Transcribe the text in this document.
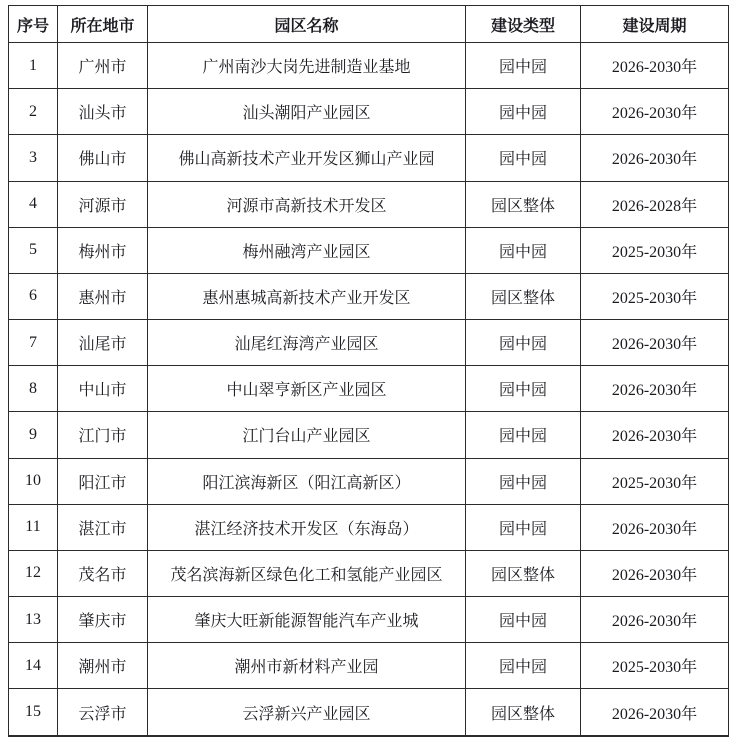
序号	所在地市	园区名称	建设类型	建设周期
1	广州市	广州南沙大岗先进制造业基地	园中园	2026-2030年
2	汕头市	汕头潮阳产业园区	园中园	2026-2030年
3	佛山市	佛山高新技术产业开发区狮山产业园	园中园	2026-2030年
4	河源市	河源市高新技术开发区	园区整体	2026-2028年
5	梅州市	梅州融湾产业园区	园中园	2025-2030年
6	惠州市	惠州惠城高新技术产业开发区	园区整体	2025-2030年
7	汕尾市	汕尾红海湾产业园区	园中园	2026-2030年
8	中山市	中山翠亨新区产业园区	园中园	2026-2030年
9	江门市	江门台山产业园区	园中园	2026-2030年
10	阳江市	阳江滨海新区（阳江高新区）	园中园	2025-2030年
11	湛江市	湛江经济技术开发区（东海岛）	园中园	2026-2030年
12	茂名市	茂名滨海新区绿色化工和氢能产业园区	园区整体	2026-2030年
13	肇庆市	肇庆大旺新能源智能汽车产业城	园中园	2026-2030年
14	潮州市	潮州市新材料产业园	园中园	2025-2030年
15	云浮市	云浮新兴产业园区	园区整体	2026-2030年
